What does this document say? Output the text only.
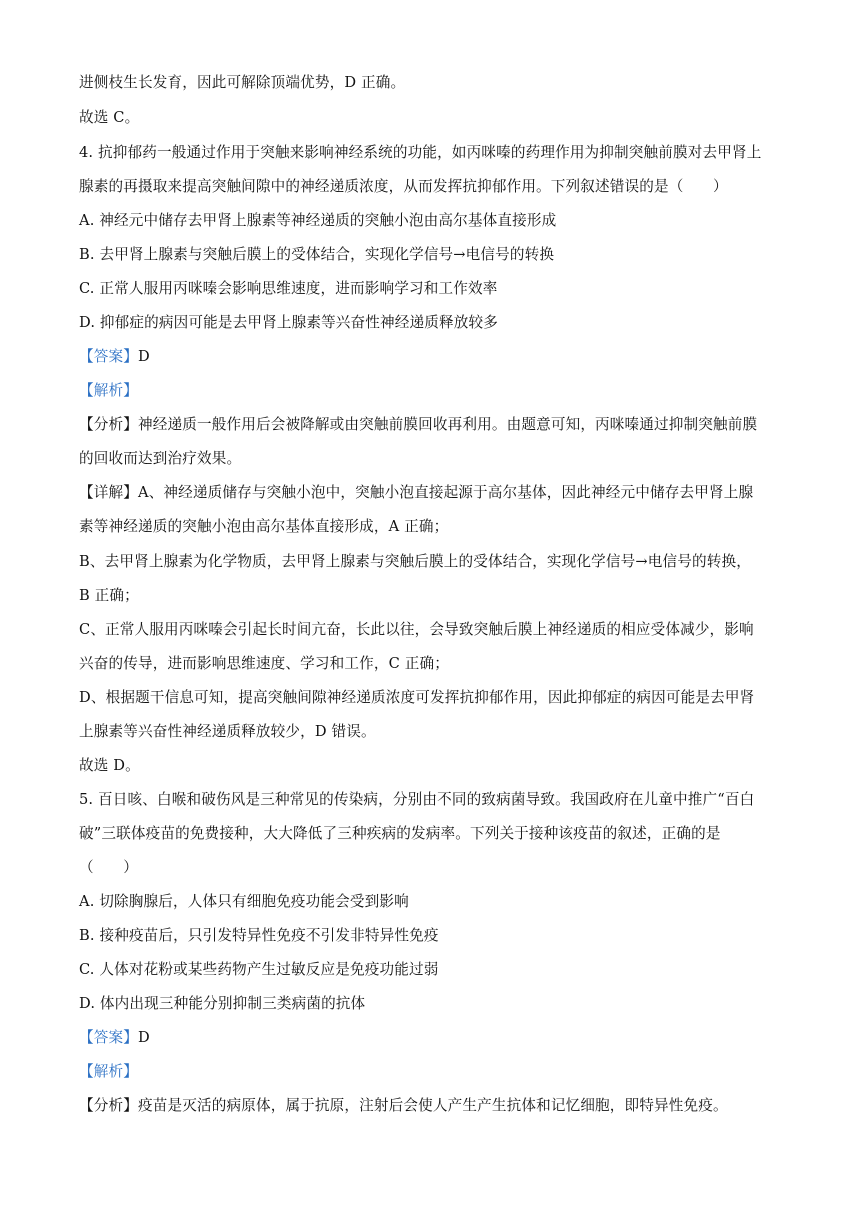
进侧枝生长发育，因此可解除顶端优势，D 正确。
故选 C。
4. 抗抑郁药一般通过作用于突触来影响神经系统的功能，如丙咪嗪的药理作用为抑制突触前膜对去甲肾上
腺素的再摄取来提高突触间隙中的神经递质浓度，从而发挥抗抑郁作用。下列叙述错误的是（　　）
A. 神经元中储存去甲肾上腺素等神经递质的突触小泡由高尔基体直接形成
B. 去甲肾上腺素与突触后膜上的受体结合，实现化学信号→电信号的转换
C. 正常人服用丙咪嗪会影响思维速度，进而影响学习和工作效率
D. 抑郁症的病因可能是去甲肾上腺素等兴奋性神经递质释放较多
【答案】D
【解析】
【分析】神经递质一般作用后会被降解或由突触前膜回收再利用。由题意可知，丙咪嗪通过抑制突触前膜
的回收而达到治疗效果。
【详解】A、神经递质储存与突触小泡中，突触小泡直接起源于高尔基体，因此神经元中储存去甲肾上腺
素等神经递质的突触小泡由高尔基体直接形成，A 正确；
B、去甲肾上腺素为化学物质，去甲肾上腺素与突触后膜上的受体结合，实现化学信号→电信号的转换，
B 正确；
C、正常人服用丙咪嗪会引起长时间亢奋，长此以往，会导致突触后膜上神经递质的相应受体减少，影响
兴奋的传导，进而影响思维速度、学习和工作，C 正确；
D、根据题干信息可知，提高突触间隙神经递质浓度可发挥抗抑郁作用，因此抑郁症的病因可能是去甲肾
上腺素等兴奋性神经递质释放较少，D 错误。
故选 D。
5. 百日咳、白喉和破伤风是三种常见的传染病，分别由不同的致病菌导致。我国政府在儿童中推广“百白
破”三联体疫苗的免费接种，大大降低了三种疾病的发病率。下列关于接种该疫苗的叙述，正确的是
（　　）
A. 切除胸腺后，人体只有细胞免疫功能会受到影响
B. 接种疫苗后，只引发特异性免疫不引发非特异性免疫
C. 人体对花粉或某些药物产生过敏反应是免疫功能过弱
D. 体内出现三种能分别抑制三类病菌的抗体
【答案】D
【解析】
【分析】疫苗是灭活的病原体，属于抗原，注射后会使人产生产生抗体和记忆细胞，即特异性免疫。
